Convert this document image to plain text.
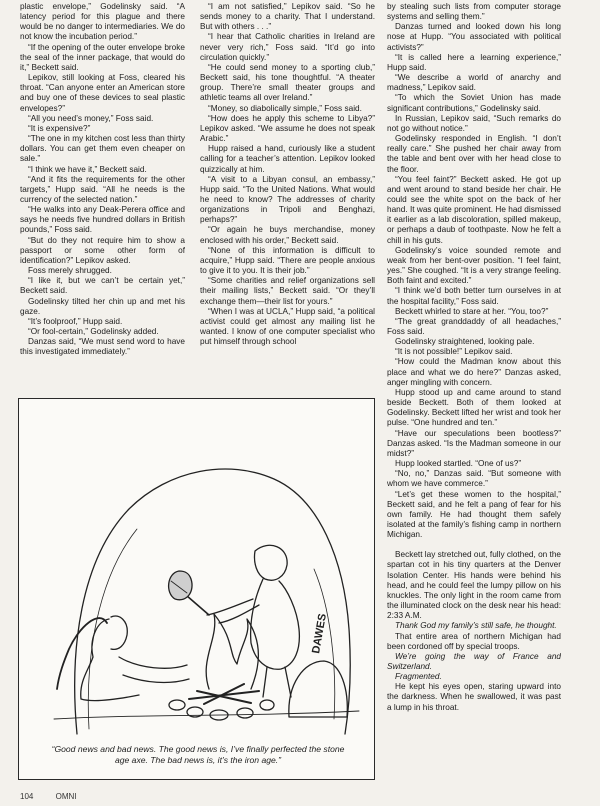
plastic envelope,” Godelinsky said. “A latency period for this plague and there would be no danger to intermediaries. We do not know the incubation period.”

“If the opening of the outer envelope broke the seal of the inner package, that would do it,” Beckett said.

Lepikov, still looking at Foss, cleared his throat. “Can anyone enter an American store and buy one of these devices to seal plastic envelopes?”

“All you need’s money,” Foss said.

“It is expensive?”

“The one in my kitchen cost less than thirty dollars. You can get them even cheaper on sale.”

“I think we have it,” Beckett said.

“And it fits the requirements for the other targets,” Hupp said. “All he needs is the currency of the selected nation.”

“He walks into any Deak-Perera office and says he needs five hundred dollars in British pounds,” Foss said.

“But do they not require him to show a passport or some other form of identification?” Lepikov asked.

Foss merely shrugged.

“I like it, but we can’t be certain yet,” Beckett said.

Godelinsky tilted her chin up and met his gaze.

“It’s foolproof,” Hupp said.

“Or fool-certain,” Godelinsky added.

Danzas said, “We must send word to have this investigated immediately.”

“I am not satisfied,” Lepikov said. “So he sends money to a charity. That I understand. But with others . . .”

“I hear that Catholic charities in Ireland are never very rich,” Foss said. “It’d go into circulation quickly.”

“He could send money to a sporting club,” Beckett said, his tone thoughtful. “A theater group. There’re small theater groups and athletic teams all over Ireland.”

“Money, so diabolically simple,” Foss said.

“How does he apply this scheme to Libya?” Lepikov asked. “We assume he does not speak Arabic.”

Hupp raised a hand, curiously like a student calling for a teacher’s attention. Lepikov looked quizzically at him.

“A visit to a Libyan consul, an embassy,” Hupp said. “To the United Nations. What would he need to know? The addresses of charity organizations in Tripoli and Benghazi, perhaps?”

“Or again he buys merchandise, money enclosed with his order,” Beckett said.

“None of this information is difficult to acquire,” Hupp said. “There are people anxious to give it to you. It is their job.”

“Some charities and relief organizations sell their mailing lists,” Beckett said. “Or they’ll exchange them—their list for yours.”

“When I was at UCLA,” Hupp said, “a political activist could get almost any mailing list he wanted. I know of one computer specialist who put himself through school

by stealing such lists from computer storage systems and selling them.”

Danzas turned and looked down his long nose at Hupp. “You associated with political activists?”

“It is called here a learning experience,” Hupp said.

“We describe a world of anarchy and madness,” Lepikov said.

“To which the Soviet Union has made significant contributions,” Godelinsky said.

In Russian, Lepikov said, “Such remarks do not go without notice.”

Godelinsky responded in English. “I don’t really care.” She pushed her chair away from the table and bent over with her head close to the floor.

“You feel faint?” Beckett asked. He got up and went around to stand beside her chair. He could see the white spot on the back of her hand. It was quite prominent. He had dismissed it earlier as a lab discoloration, spilled makeup, or perhaps a daub of toothpaste. Now he felt a chill in his guts.

Godelinsky’s voice sounded remote and weak from her bent-over position. “I feel faint, yes.” She coughed. “It is a very strange feeling. Both faint and excited.”

“I think we’d both better turn ourselves in at the hospital facility,” Foss said.

Beckett whirled to stare at her. “You, too?”

“The great granddaddy of all headaches,” Foss said.

Godelinsky straightened, looking pale.

“It is not possible!” Lepikov said.

“How could the Madman know about this place and what we do here?” Danzas asked, anger mingling with concern.

Hupp stood up and came around to stand beside Beckett. Both of them looked at Godelinsky. Beckett lifted her wrist and took her pulse. “One hundred and ten.”

“Have our speculations been bootless?” Danzas asked. “Is the Madman someone in our midst?”

Hupp looked startled. “One of us?”

“No, no,” Danzas said. “But someone with whom we have commerce.”

“Let’s get these women to the hospital,” Beckett said, and he felt a pang of fear for his own family. He had thought them safely isolated at the family’s fishing camp in northern Michigan.

Beckett lay stretched out, fully clothed, on the spartan cot in his tiny quarters at the Denver Isolation Center. His hands were behind his head, and he could feel the lumpy pillow on his knuckles. The only light in the room came from the illuminated clock on the desk near his head: 2:33 A.M.

Thank God my family’s still safe, he thought.

That entire area of northern Michigan had been cordoned off by special troops.

We’re going the way of France and Switzerland.

Fragmented.

He kept his eyes open, staring upward into the darkness. When he swallowed, it was past a lump in his throat.

DAWES
“Good news and bad news. The good news is, I’ve finally perfected the stone age axe. The bad news is, it’s the iron age.”
104	OMNI
